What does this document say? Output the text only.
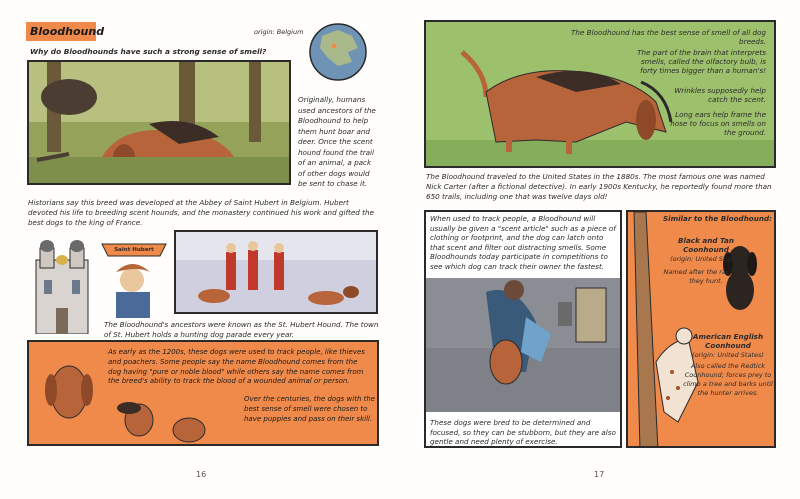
Bloodhound	origin: Belgium
Why do Bloodhounds have such a strong sense of smell?
Originally, humans used ancestors of the Bloodhound to help them hunt boar and deer. Once the scent hound found the trail of an animal, a pack of other dogs would be sent to chase it.
Historians say this breed was developed at the Abbey of Saint Hubert in Belgium. Hubert devoted his life to breeding scent hounds, and the monastery continued his work and gifted the best dogs to the king of France.
Saint Hubert
The Bloodhound's ancestors were known as the St. Hubert Hound. The town of St. Hubert holds a hunting dog parade every year.
As early as the 1200s, these dogs were used to track people, like thieves and poachers. Some people say the name Bloodhound comes from the dog having "pure or noble blood" while others say the name comes from the breed's ability to track the blood of a wounded animal or person.
Over the centuries, the dogs with the best sense of smell were chosen to have puppies and pass on their skill.
16
The Bloodhound has the best sense of smell of all dog breeds.
The part of the brain that interprets smells, called the olfactory bulb, is forty times bigger than a human's!
Wrinkles supposedly help catch the scent.
Long ears help frame the nose to focus on smells on the ground.
The Bloodhound traveled to the United States in the 1880s. The most famous one was named Nick Carter (after a fictional detective). In early 1900s Kentucky, he reportedly found more than 650 trails, including one that was twelve days old!
When used to track people, a Bloodhound will usually be given a "scent article" such as a piece of clothing or footprint, and the dog can latch onto that scent and filter out distracting smells. Some Bloodhounds today participate in competitions to see which dog can track their owner the fastest.
These dogs were bred to be determined and focused, so they can be stubborn, but they are also gentle and need plenty of exercise.
Similar to the Bloodhound:
Black and Tan Coonhound
(origin: United States)
Named after the raccoons they hunt.
American English Coonhound
(origin: United States)
Also called the Redtick Coonhound; forces prey to climb a tree and barks until the hunter arrives.
17
